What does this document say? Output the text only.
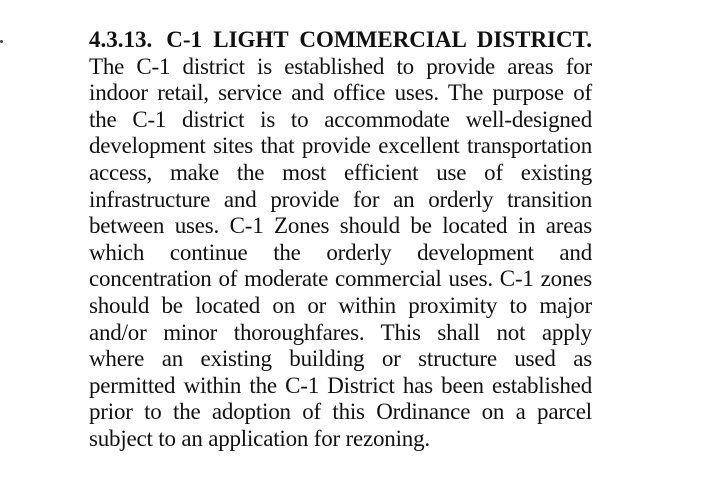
4.3.13. C-1 LIGHT COMMERCIAL DISTRICT.
The C-1 district is established to provide areas for
indoor retail, service and office uses. The purpose of
the C-1 district is to accommodate well-designed
development sites that provide excellent transportation
access, make the most efficient use of existing
infrastructure and provide for an orderly transition
between uses. C-1 Zones should be located in areas
which continue the orderly development and
concentration of moderate commercial uses. C-1 zones
should be located on or within proximity to major
and/or minor thoroughfares. This shall not apply
where an existing building or structure used as
permitted within the C-1 District has been established
prior to the adoption of this Ordinance on a parcel
subject to an application for rezoning.
